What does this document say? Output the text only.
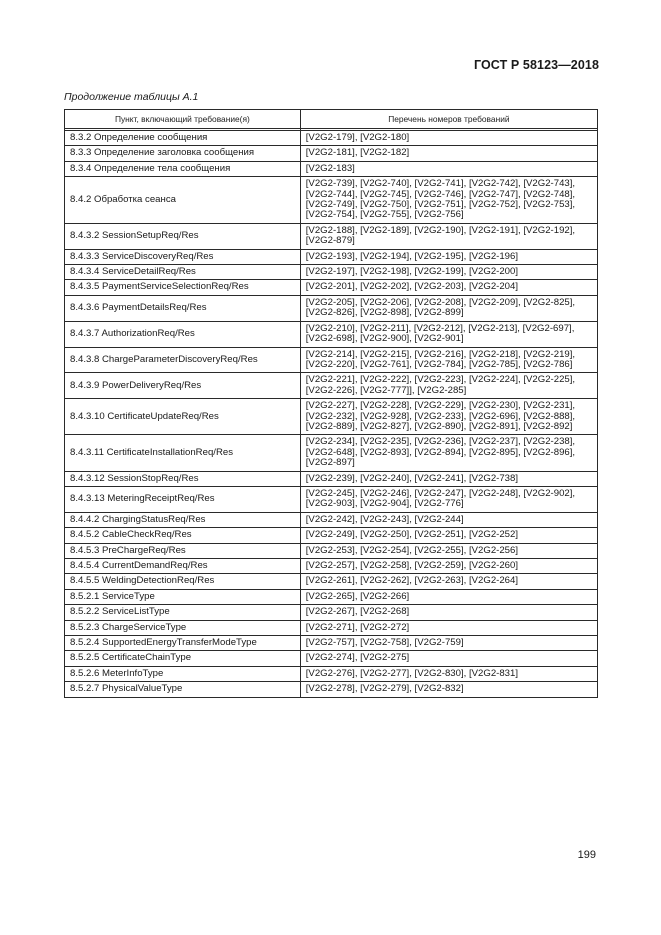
ГОСТ Р 58123—2018
Продолжение таблицы А.1
Пункт, включающий требование(я)	Перечень номеров требований

8.3.2 Определение сообщения	[V2G2-179], [V2G2-180]
8.3.3 Определение заголовка сообщения	[V2G2-181], [V2G2-182]
8.3.4 Определение тела сообщения	[V2G2-183]
8.4.2 Обработка сеанса	[V2G2-739], [V2G2-740], [V2G2-741], [V2G2-742], [V2G2-743], [V2G2-744], [V2G2-745], [V2G2-746], [V2G2-747], [V2G2-748], [V2G2-749], [V2G2-750], [V2G2-751], [V2G2-752], [V2G2-753], [V2G2-754], [V2G2-755], [V2G2-756]
8.4.3.2 SessionSetupReq/Res	[V2G2-188], [V2G2-189], [V2G2-190], [V2G2-191], [V2G2-192], [V2G2-879]
8.4.3.3 ServiceDiscoveryReq/Res	[V2G2-193], [V2G2-194], [V2G2-195], [V2G2-196]
8.4.3.4 ServiceDetailReq/Res	[V2G2-197], [V2G2-198], [V2G2-199], [V2G2-200]
8.4.3.5 PaymentServiceSelectionReq/Res	[V2G2-201], [V2G2-202], [V2G2-203], [V2G2-204]
8.4.3.6 PaymentDetailsReq/Res	[V2G2-205], [V2G2-206], [V2G2-208], [V2G2-209], [V2G2-825], [V2G2-826], [V2G2-898], [V2G2-899]
8.4.3.7 AuthorizationReq/Res	[V2G2-210], [V2G2-211], [V2G2-212], [V2G2-213], [V2G2-697], [V2G2-698], [V2G2-900], [V2G2-901]
8.4.3.8 ChargeParameterDiscoveryReq/Res	[V2G2-214], [V2G2-215], [V2G2-216], [V2G2-218], [V2G2-219], [V2G2-220], [V2G2-761], [V2G2-784], [V2G2-785], [V2G2-786]
8.4.3.9 PowerDeliveryReq/Res	[V2G2-221], [V2G2-222], [V2G2-223], [V2G2-224], [V2G2-225], [V2G2-226], [V2G2-777]], [V2G2-285]
8.4.3.10 CertificateUpdateReq/Res	[V2G2-227], [V2G2-228], [V2G2-229], [V2G2-230], [V2G2-231], [V2G2-232], [V2G2-928], [V2G2-233], [V2G2-696], [V2G2-888], [V2G2-889], [V2G2-827], [V2G2-890], [V2G2-891], [V2G2-892]
8.4.3.11 CertificateInstallationReq/Res	[V2G2-234], [V2G2-235], [V2G2-236], [V2G2-237], [V2G2-238], [V2G2-648], [V2G2-893], [V2G2-894], [V2G2-895], [V2G2-896], [V2G2-897]
8.4.3.12 SessionStopReq/Res	[V2G2-239], [V2G2-240], [V2G2-241], [V2G2-738]
8.4.3.13 MeteringReceiptReq/Res	[V2G2-245], [V2G2-246], [V2G2-247], [V2G2-248], [V2G2-902], [V2G2-903], [V2G2-904], [V2G2-776]
8.4.4.2 ChargingStatusReq/Res	[V2G2-242], [V2G2-243], [V2G2-244]
8.4.5.2 CableCheckReq/Res	[V2G2-249], [V2G2-250], [V2G2-251], [V2G2-252]
8.4.5.3 PreChargeReq/Res	[V2G2-253], [V2G2-254], [V2G2-255], [V2G2-256]
8.4.5.4 CurrentDemandReq/Res	[V2G2-257], [V2G2-258], [V2G2-259], [V2G2-260]
8.4.5.5 WeldingDetectionReq/Res	[V2G2-261], [V2G2-262], [V2G2-263], [V2G2-264]
8.5.2.1 ServiceType	[V2G2-265], [V2G2-266]
8.5.2.2 ServiceListType	[V2G2-267], [V2G2-268]
8.5.2.3 ChargeServiceType	[V2G2-271], [V2G2-272]
8.5.2.4 SupportedEnergyTransferModeType	[V2G2-757], [V2G2-758], [V2G2-759]
8.5.2.5 CertificateChainType	[V2G2-274], [V2G2-275]
8.5.2.6 MeterInfoType	[V2G2-276], [V2G2-277], [V2G2-830], [V2G2-831]
8.5.2.7 PhysicalValueType	[V2G2-278], [V2G2-279], [V2G2-832]
199
